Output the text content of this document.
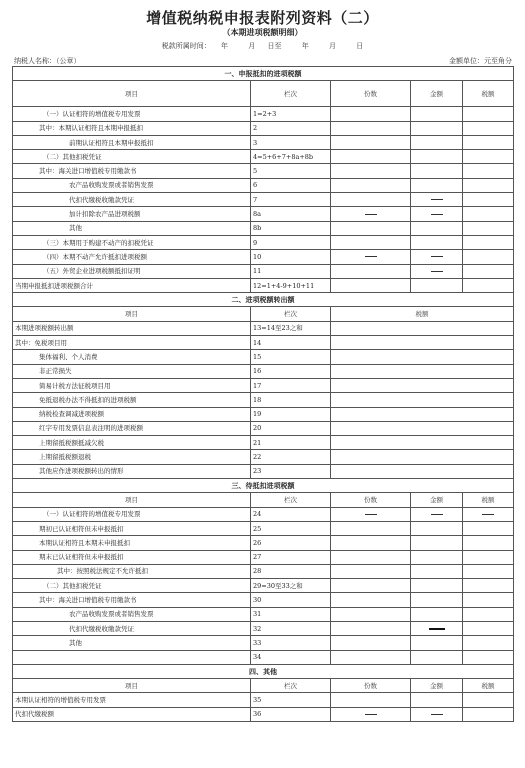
增值税纳税申报表附列资料（二）
（本期进项税额明细）
税款所属时间： 年	月 日至	年	月	日
纳税人名称：（公章）	金额单位：元至角分
一、申报抵扣的进项税额				
项目	栏次	份数	金额	税额
（一）认证相符的增值税专用发票	1=2+3			
其中：本期认证相符且本期申报抵扣	2			
前期认证相符且本期申报抵扣	3			
（二）其他扣税凭证	4=5+6+7+8a+8b			
其中：海关进口增值税专用缴款书	5			
农产品收购发票或者销售发票	6			
代扣代缴税收缴款凭证	7			
加计扣除农产品进项税额	8a			
其他	8b			
（三）本期用于购建不动产的扣税凭证	9			
（四）本期不动产允许抵扣进项税额	10			
（五）外贸企业进项税额抵扣证明	11			
当期申报抵扣进项税额合计	12=1+4-9+10+11			
二、进项税额转出额				
项目	栏次	税额		
本期进项税额转出额	13=14至23之和			
其中：免税项目用	14			
集体福利、个人消费	15			
非正常损失	16			
简易计税方法征税项目用	17			
免抵退税办法不得抵扣的进项税额	18			
纳税检查调减进项税额	19			
红字专用发票信息表注明的进项税额	20			
上期留抵税额抵减欠税	21			
上期留抵税额退税	22			
其他应作进项税额转出的情形	23			
三、待抵扣进项税额				
项目	栏次	份数	金额	税额
（一）认证相符的增值税专用发票	24			
期初已认证相符但未申报抵扣	25			
本期认证相符且本期未申报抵扣	26			
期末已认证相符但未申报抵扣	27			
其中：按照税法规定不允许抵扣	28			
（二）其他扣税凭证	29=30至33之和			
其中：海关进口增值税专用缴款书	30			
农产品收购发票或者销售发票	31			
代扣代缴税收缴款凭证	32			
其他	33			
	34			
四、其他				
项目	栏次	份数	金额	税额
本期认证相符的增值税专用发票	35			
代扣代缴税额	36			
